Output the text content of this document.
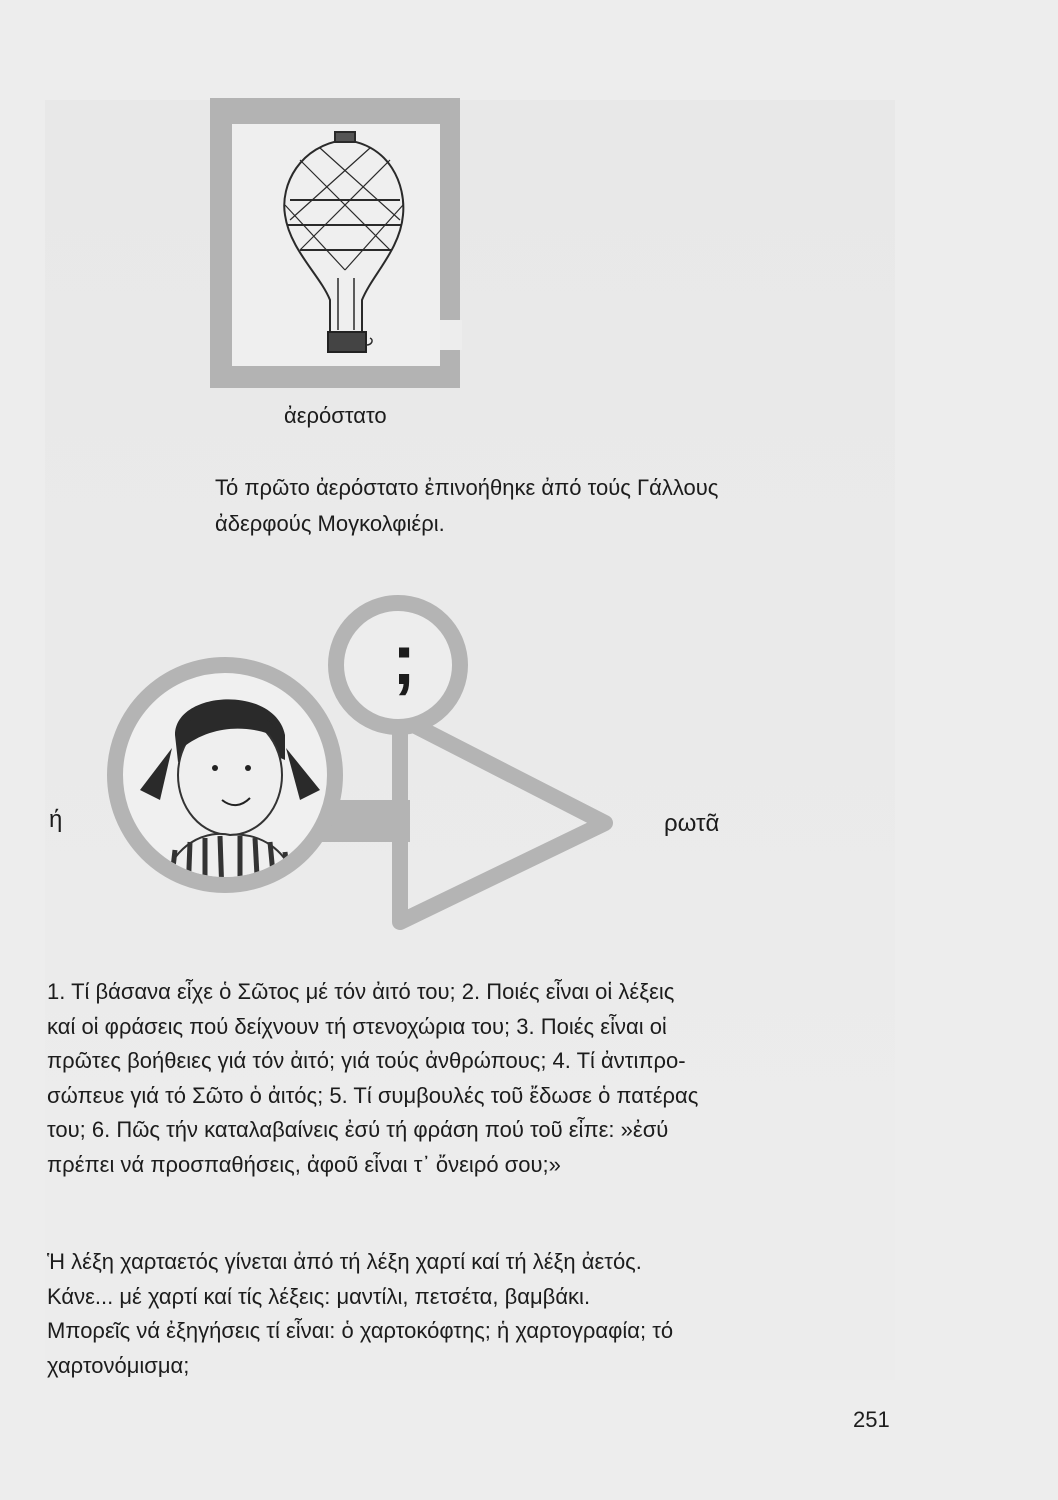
ἀερόστατο

Τό πρῶτο ἀερόστατο ἐπινοήθηκε ἀπό τούς Γάλλους
ἀδερφούς Μογκολφιέρι.

;

ή	ρωτᾶ

1. Τί βάσανα εἶχε ὁ Σῶτος μέ τόν ἀιτό του; 2. Ποιές εἶναι οἱ λέξεις
καί οἱ φράσεις πού δείχνουν τή στενοχώρια του; 3. Ποιές εἶναι οἱ
πρῶτες βοήθειες γιά τόν ἀιτό; γιά τούς ἀνθρώπους; 4. Τί ἀντιπρο-
σώπευε γιά τό Σῶτο ὁ ἀιτός; 5. Τί συμβουλές τοῦ ἔδωσε ὁ πατέρας
του; 6. Πῶς τήν καταλαβαίνεις ἐσύ τή φράση πού τοῦ εἶπε: »ἐσύ
πρέπει νά προσπαθήσεις, ἀφοῦ εἶναι τ᾽ ὄνειρό σου;»

Ἡ λέξη χαρταετός γίνεται ἀπό τή λέξη χαρτί καί τή λέξη ἀετός.
Κάνε... μέ χαρτί καί τίς λέξεις: μαντίλι, πετσέτα, βαμβάκι.
Μπορεῖς νά ἐξηγήσεις τί εἶναι: ὁ χαρτοκόφτης; ἡ χαρτογραφία; τό
χαρτονόμισμα;

251
